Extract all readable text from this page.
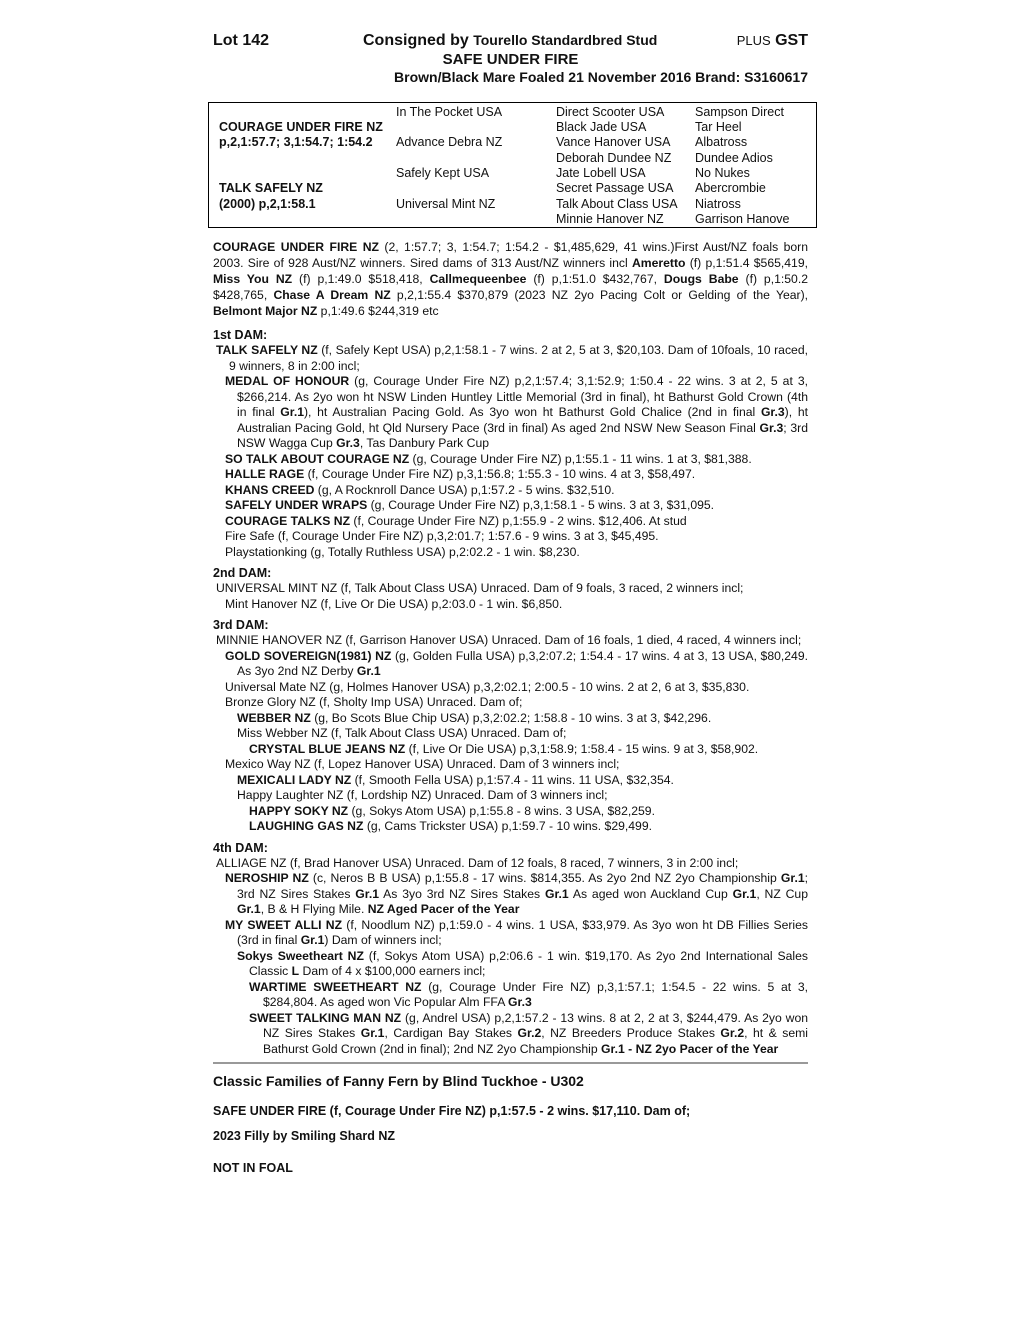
Lot 142	Consigned by Tourello Standardbred Stud	PLUS GST
SAFE UNDER FIRE
Brown/Black Mare Foaled 21 November 2016 Brand: S3160617
COURAGE UNDER FIRE NZ
p,2,1:57.7; 3,1:54.7; 1:54.2
TALK SAFELY NZ
(2000) p,2,1:58.1
In The Pocket USA
Advance Debra NZ
Safely Kept USA
Universal Mint NZ
Direct Scooter USA
Black Jade USA
Vance Hanover USA
Deborah Dundee NZ
Jate Lobell USA
Secret Passage USA
Talk About Class USA
Minnie Hanover NZ
Sampson Direct
Tar Heel
Albatross
Dundee Adios
No Nukes
Abercrombie
Niatross
Garrison Hanove
COURAGE UNDER FIRE NZ (2, 1:57.7; 3, 1:54.7; 1:54.2 - $1,485,629, 41 wins.)First Aust/NZ foals born 2003. Sire of 928 Aust/NZ winners. Sired dams of 313 Aust/NZ winners incl Ameretto (f) p,1:51.4 $565,419, Miss You NZ (f) p,1:49.0 $518,418, Callmequeenbee (f) p,1:51.0 $432,767, Dougs Babe (f) p,1:50.2 $428,765, Chase A Dream NZ p,2,1:55.4 $370,879 (2023 NZ 2yo Pacing Colt or Gelding of the Year), Belmont Major NZ p,1:49.6 $244,319 etc
1st DAM:
TALK SAFELY NZ (f, Safely Kept USA) p,2,1:58.1 - 7 wins. 2 at 2, 5 at 3, $20,103. Dam of 10foals, 10 raced, 9 winners, 8 in 2:00 incl;
MEDAL OF HONOUR (g, Courage Under Fire NZ) p,2,1:57.4; 3,1:52.9; 1:50.4 - 22 wins. 3 at 2, 5 at 3, $266,214. As 2yo won ht NSW Linden Huntley Little Memorial (3rd in final), ht Bathurst Gold Crown (4th in final Gr.1), ht Australian Pacing Gold. As 3yo won ht Bathurst Gold Chalice (2nd in final Gr.3), ht Australian Pacing Gold, ht Qld Nursery Pace (3rd in final) As aged 2nd NSW New Season Final Gr.3; 3rd NSW Wagga Cup Gr.3, Tas Danbury Park Cup
SO TALK ABOUT COURAGE NZ (g, Courage Under Fire NZ) p,1:55.1 - 11 wins. 1 at 3, $81,388.
HALLE RAGE (f, Courage Under Fire NZ) p,3,1:56.8; 1:55.3 - 10 wins. 4 at 3, $58,497.
KHANS CREED (g, A Rocknroll Dance USA) p,1:57.2 - 5 wins. $32,510.
SAFELY UNDER WRAPS (g, Courage Under Fire NZ) p,3,1:58.1 - 5 wins. 3 at 3, $31,095.
COURAGE TALKS NZ (f, Courage Under Fire NZ) p,1:55.9 - 2 wins. $12,406. At stud
Fire Safe (f, Courage Under Fire NZ) p,3,2:01.7; 1:57.6 - 9 wins. 3 at 3, $45,495.
Playstationking (g, Totally Ruthless USA) p,2:02.2 - 1 win. $8,230.
2nd DAM:
UNIVERSAL MINT NZ (f, Talk About Class USA) Unraced. Dam of 9 foals, 3 raced, 2 winners incl;
Mint Hanover NZ (f, Live Or Die USA) p,2:03.0 - 1 win. $6,850.
3rd DAM:
MINNIE HANOVER NZ (f, Garrison Hanover USA) Unraced. Dam of 16 foals, 1 died, 4 raced, 4 winners incl;
GOLD SOVEREIGN(1981) NZ (g, Golden Fulla USA) p,3,2:07.2; 1:54.4 - 17 wins. 4 at 3, 13 USA, $80,249. As 3yo 2nd NZ Derby Gr.1
Universal Mate NZ (g, Holmes Hanover USA) p,3,2:02.1; 2:00.5 - 10 wins. 2 at 2, 6 at 3, $35,830.
Bronze Glory NZ (f, Sholty Imp USA) Unraced. Dam of;
WEBBER NZ (g, Bo Scots Blue Chip USA) p,3,2:02.2; 1:58.8 - 10 wins. 3 at 3, $42,296.
Miss Webber NZ (f, Talk About Class USA) Unraced. Dam of;
CRYSTAL BLUE JEANS NZ (f, Live Or Die USA) p,3,1:58.9; 1:58.4 - 15 wins. 9 at 3, $58,902.
Mexico Way NZ (f, Lopez Hanover USA) Unraced. Dam of 3 winners incl;
MEXICALI LADY NZ (f, Smooth Fella USA) p,1:57.4 - 11 wins. 11 USA, $32,354.
Happy Laughter NZ (f, Lordship NZ) Unraced. Dam of 3 winners incl;
HAPPY SOKY NZ (g, Sokys Atom USA) p,1:55.8 - 8 wins. 3 USA, $82,259.
LAUGHING GAS NZ (g, Cams Trickster USA) p,1:59.7 - 10 wins. $29,499.
4th DAM:
ALLIAGE NZ (f, Brad Hanover USA) Unraced. Dam of 12 foals, 8 raced, 7 winners, 3 in 2:00 incl;
NEROSHIP NZ (c, Neros B B USA) p,1:55.8 - 17 wins. $814,355. As 2yo 2nd NZ 2yo Championship Gr.1; 3rd NZ Sires Stakes Gr.1 As 3yo 3rd NZ Sires Stakes Gr.1 As aged won Auckland Cup Gr.1, NZ Cup Gr.1, B & H Flying Mile. NZ Aged Pacer of the Year
MY SWEET ALLI NZ (f, Noodlum NZ) p,1:59.0 - 4 wins. 1 USA, $33,979. As 3yo won ht DB Fillies Series (3rd in final Gr.1) Dam of winners incl;
Sokys Sweetheart NZ (f, Sokys Atom USA) p,2:06.6 - 1 win. $19,170. As 2yo 2nd International Sales Classic L Dam of 4 x $100,000 earners incl;
WARTIME SWEETHEART NZ (g, Courage Under Fire NZ) p,3,1:57.1; 1:54.5 - 22 wins. 5 at 3, $284,804. As aged won Vic Popular Alm FFA Gr.3
SWEET TALKING MAN NZ (g, Andrel USA) p,2,1:57.2 - 13 wins. 8 at 2, 2 at 3, $244,479. As 2yo won NZ Sires Stakes Gr.1, Cardigan Bay Stakes Gr.2, NZ Breeders Produce Stakes Gr.2, ht & semi Bathurst Gold Crown (2nd in final); 2nd NZ 2yo Championship Gr.1 - NZ 2yo Pacer of the Year
Classic Families of Fanny Fern by Blind Tuckhoe - U302
SAFE UNDER FIRE (f, Courage Under Fire NZ) p,1:57.5 - 2 wins. $17,110. Dam of;
2023 Filly by Smiling Shard NZ
NOT IN FOAL
